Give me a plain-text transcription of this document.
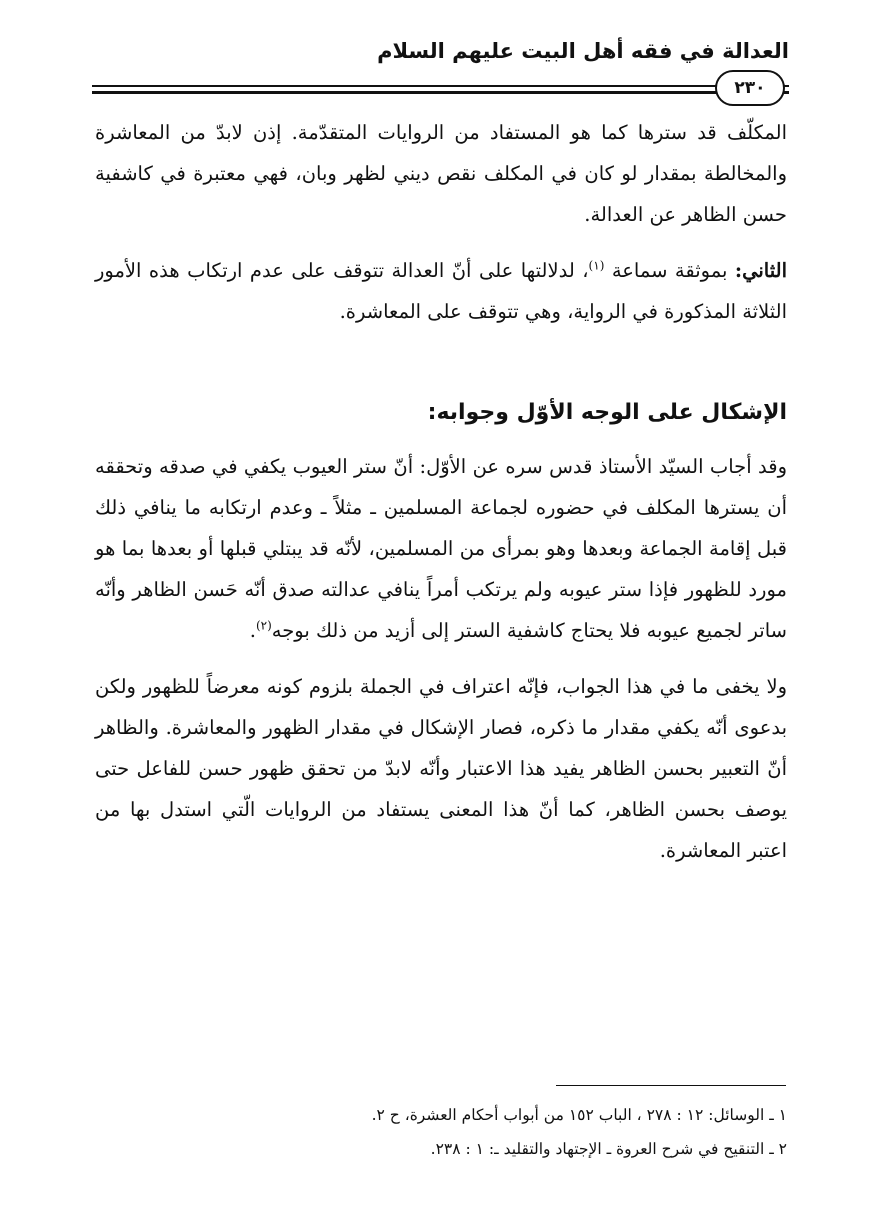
العدالة في فقه أهل البيت عليهم السلام
٢٣٠

المكلّف قد سترها كما هو المستفاد من الروايات المتقدّمة. إذن لابدّ من المعاشرة والمخالطة بمقدار لو كان في المكلف نقص ديني لظهر وبان، فهي معتبرة في كاشفية حسن الظاهر عن العدالة.

الثاني: بموثقة سماعة $^{(١)}$، لدلالتها على أنّ العدالة تتوقف على عدم ارتكاب هذه الأمور الثلاثة المذكورة في الرواية، وهي تتوقف على المعاشرة.

الإشكال على الوجه الأوّل وجوابه:

وقد أجاب السيّد الأستاذ قدس سره عن الأوّل: أنّ ستر العيوب يكفي في صدقه وتحققه أن يسترها المكلف في حضوره لجماعة المسلمين ـ مثلاً ـ وعدم ارتكابه ما ينافي ذلك قبل إقامة الجماعة وبعدها وهو بمرأى من المسلمين، لأنّه قد يبتلي قبلها أو بعدها بما هو مورد للظهور فإذا ستر عيوبه ولم يرتكب أمراً ينافي عدالته صدق أنّه حَسن الظاهر وأنّه ساتر لجميع عيوبه فلا يحتاج كاشفية الستر إلى أزيد من ذلك بوجه$^{(٢)}$.

ولا يخفى ما في هذا الجواب، فإنّه اعتراف في الجملة بلزوم كونه معرضاً للظهور ولكن بدعوى أنّه يكفي مقدار ما ذكره، فصار الإشكال في مقدار الظهور والمعاشرة. والظاهر أنّ التعبير بحسن الظاهر يفيد هذا الاعتبار وأنّه لابدّ من تحقق ظهور حسن للفاعل حتى يوصف بحسن الظاهر، كما أنّ هذا المعنى يستفاد من الروايات الّتي استدل بها من اعتبر المعاشرة.

١ ـ الوسائل: ١٢ : ٢٧٨ ، الباب ١٥٢ من أبواب أحكام العشرة، ح ٢.

٢ ـ التنقيح في شرح العروة ـ الإجتهاد والتقليد ـ: ١ : ٢٣٨.
